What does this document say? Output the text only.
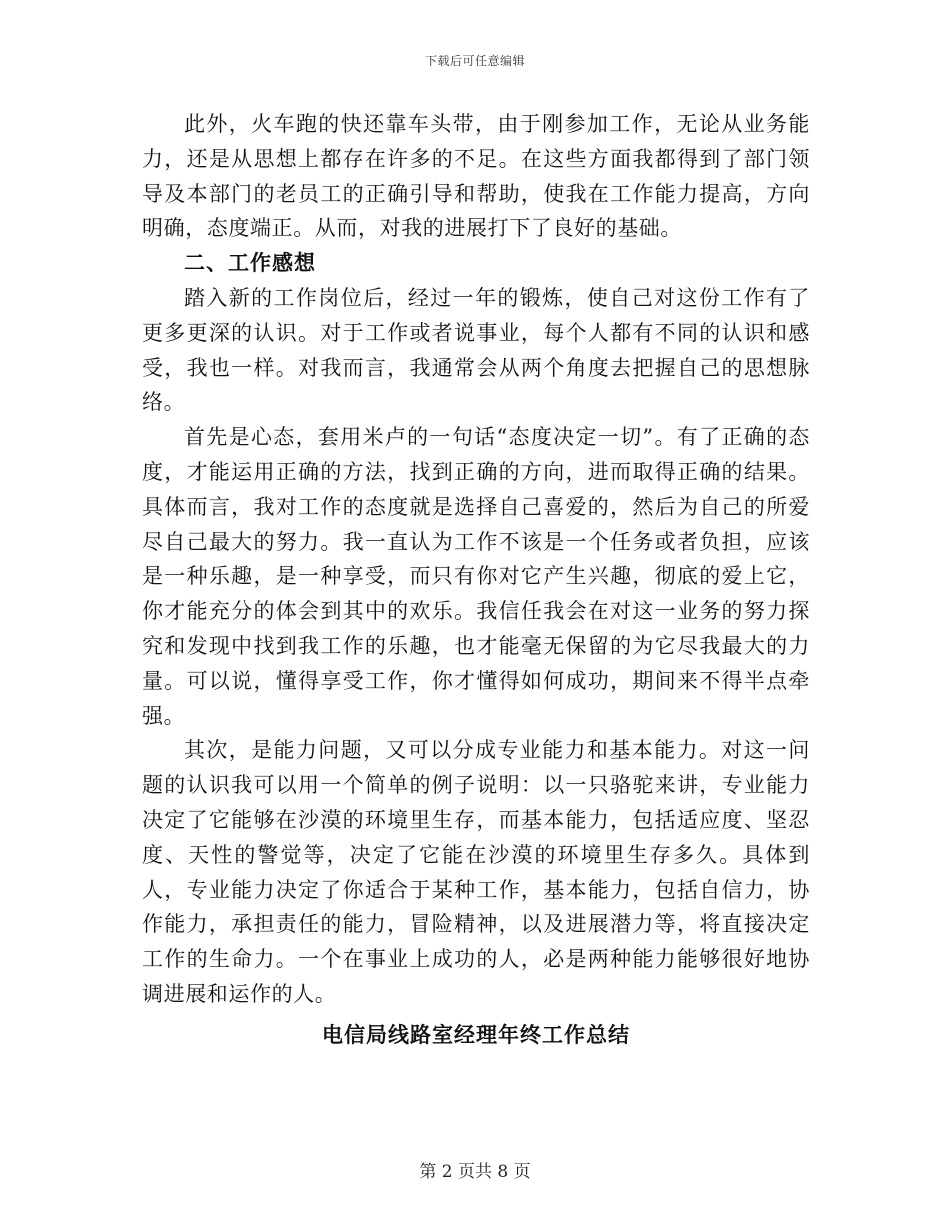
下载后可任意编辑

此外，火车跑的快还靠车头带，由于刚参加工作，无论从业务能力，还是从思想上都存在许多的不足。在这些方面我都得到了部门领导及本部门的老员工的正确引导和帮助，使我在工作能力提高，方向明确，态度端正。从而，对我的进展打下了良好的基础。

二、工作感想

踏入新的工作岗位后，经过一年的锻炼，使自己对这份工作有了更多更深的认识。对于工作或者说事业，每个人都有不同的认识和感受，我也一样。对我而言，我通常会从两个角度去把握自己的思想脉络。

首先是心态，套用米卢的一句话“态度决定一切”。有了正确的态度，才能运用正确的方法，找到正确的方向，进而取得正确的结果。具体而言，我对工作的态度就是选择自己喜爱的，然后为自己的所爱尽自己最大的努力。我一直认为工作不该是一个任务或者负担，应该是一种乐趣，是一种享受，而只有你对它产生兴趣，彻底的爱上它，你才能充分的体会到其中的欢乐。我信任我会在对这一业务的努力探究和发现中找到我工作的乐趣，也才能毫无保留的为它尽我最大的力量。可以说，懂得享受工作，你才懂得如何成功，期间来不得半点牵强。

其次，是能力问题，又可以分成专业能力和基本能力。对这一问题的认识我可以用一个简单的例子说明：以一只骆驼来讲，专业能力决定了它能够在沙漠的环境里生存，而基本能力，包括适应度、坚忍度、天性的警觉等，决定了它能在沙漠的环境里生存多久。具体到人，专业能力决定了你适合于某种工作，基本能力，包括自信力，协作能力，承担责任的能力，冒险精神，以及进展潜力等，将直接决定工作的生命力。一个在事业上成功的人，必是两种能力能够很好地协调进展和运作的人。

电信局线路室经理年终工作总结

第 2 页共 8 页
